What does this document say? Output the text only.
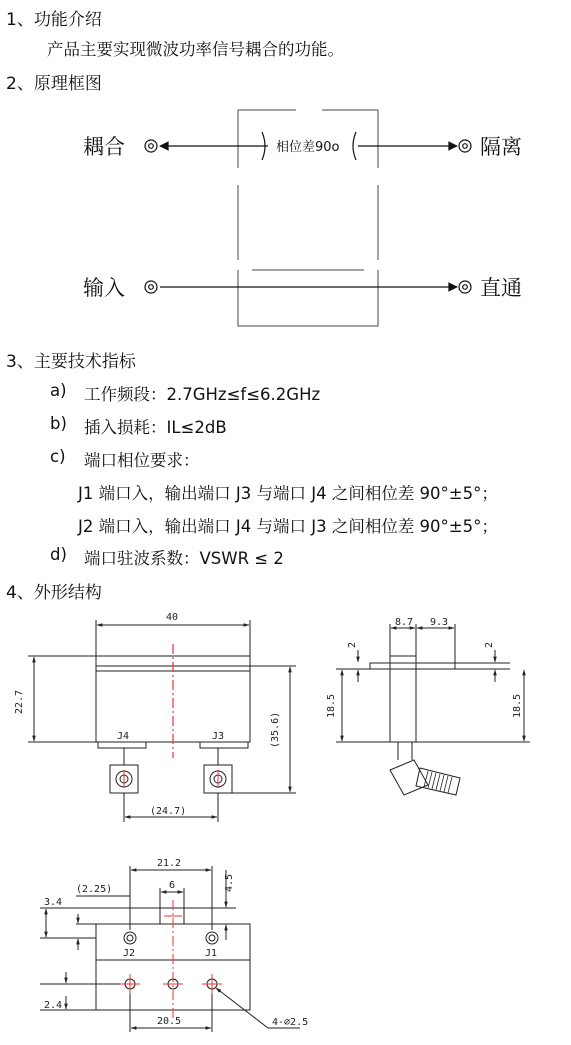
1、功能介绍
产品主要实现微波功率信号耦合的功能。
2、原理框图
耦合	隔离
输入	直通
相位差90o
3、主要技术指标
a) 工作频段：2.7GHz≤f≤6.2GHz
b) 插入损耗：IL≤2dB
c) 端口相位要求：
J1 端口入，输出端口 J3 与端口 J4 之间相位差 90°±5°；
J2 端口入，输出端口 J4 与端口 J3 之间相位差 90°±5°；
d) 端口驻波系数：VSWR ≤ 2
4、外形结构
40
22.7
(35.6)
(24.7)
J4	J3
8.7 9.3
2	2
18.5	18.5
21.2
6
(2.25)
3.4
4.5
2.4
20.5	4-⌀2.5
J2	J1
